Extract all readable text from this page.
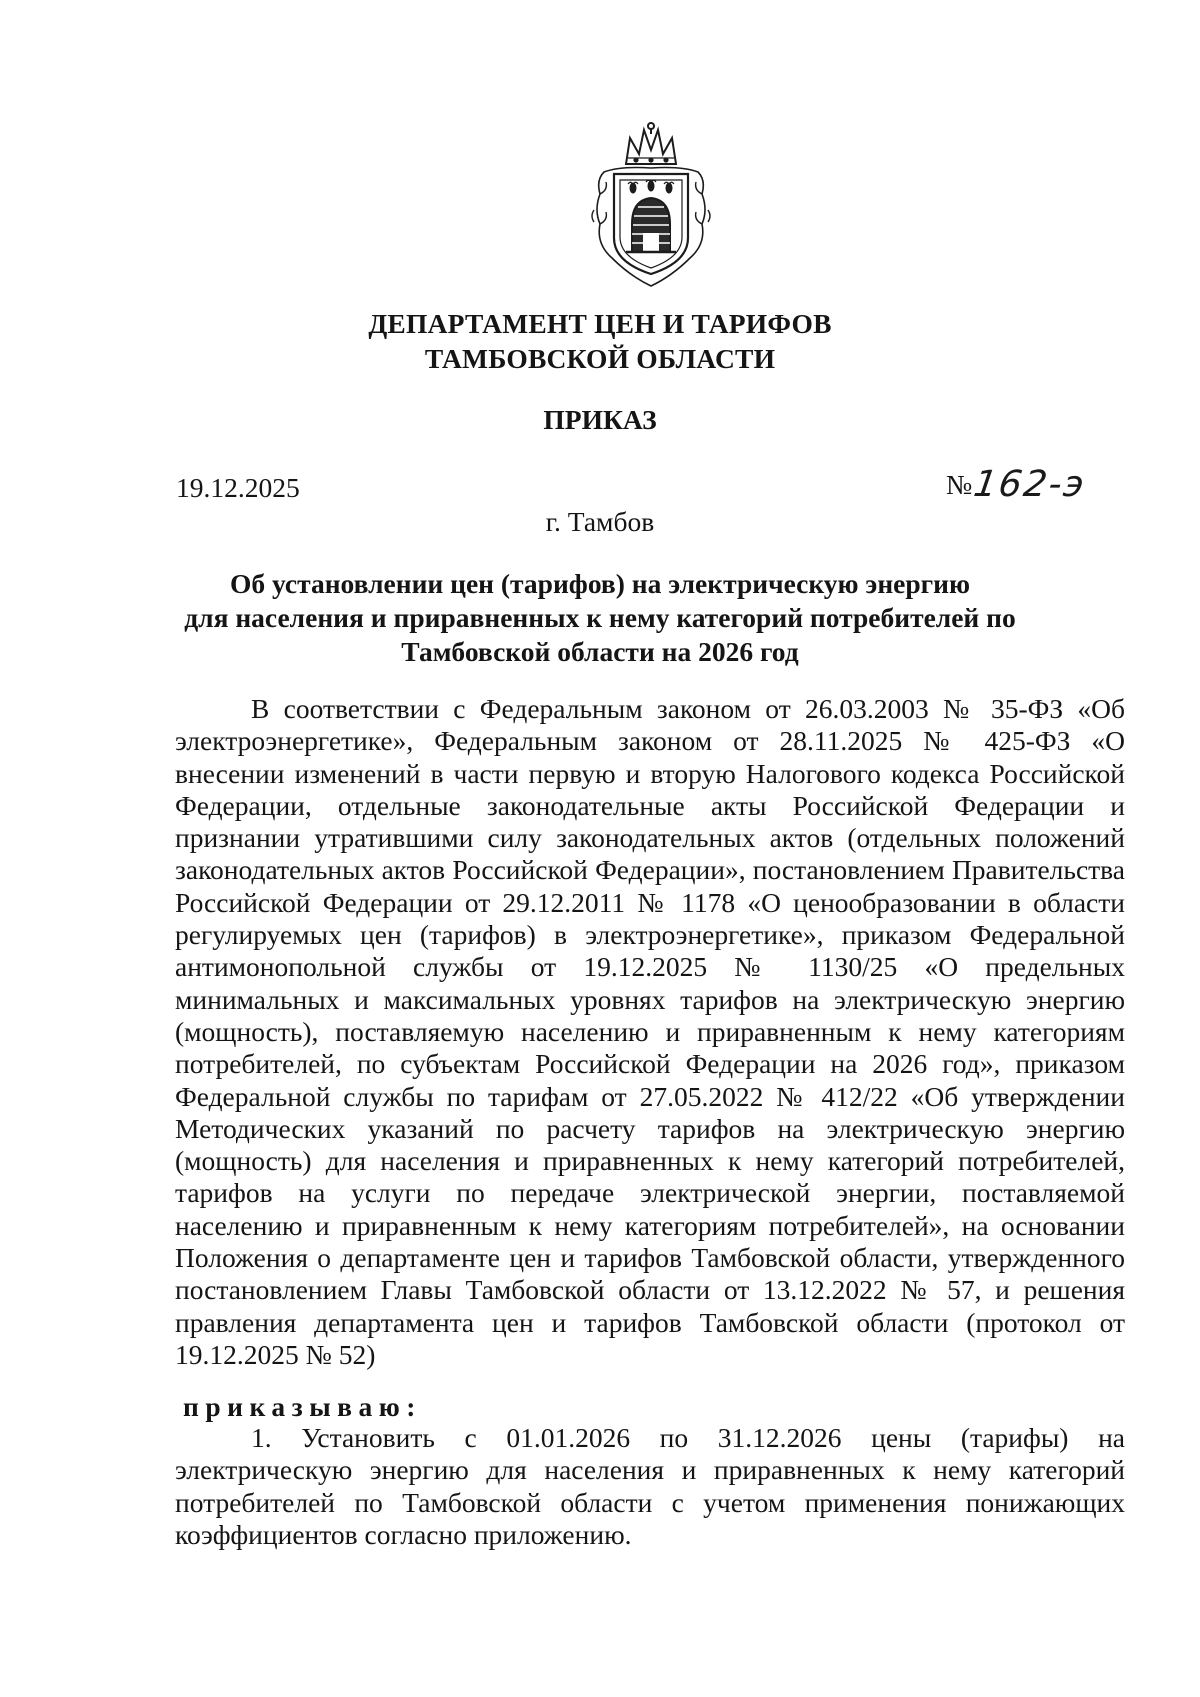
ДЕПАРТАМЕНТ ЦЕН И ТАРИФОВ
ТАМБОВСКОЙ ОБЛАСТИ
ПРИКАЗ
19.12.2025	№162-э
г. Тамбов
Об установлении цен (тарифов) на электрическую энергию
для населения и приравненных к нему категорий потребителей по
Тамбовской области на 2026 год
В соответствии с Федеральным законом от 26.03.2003 № 35-ФЗ «Об электроэнергетике», Федеральным законом от 28.11.2025 № 425-ФЗ «О внесении изменений в части первую и вторую Налогового кодекса Российской Федерации, отдельные законодательные акты Российской Федерации и признании утратившими силу законодательных актов (отдельных положений законодательных актов Российской Федерации», постановлением Правительства Российской Федерации от 29.12.2011 № 1178 «О ценообразовании в области регулируемых цен (тарифов) в электроэнергетике», приказом Федеральной антимонопольной службы от 19.12.2025 № 1130/25 «О предельных минимальных и максимальных уровнях тарифов на электрическую энергию (мощность), поставляемую населению и приравненным к нему категориям потребителей, по субъектам Российской Федерации на 2026 год», приказом Федеральной службы по тарифам от 27.05.2022 № 412/22 «Об утверждении Методических указаний по расчету тарифов на электрическую энергию (мощность) для населения и приравненных к нему категорий потребителей, тарифов на услуги по передаче электрической энергии, поставляемой населению и приравненным к нему категориям потребителей», на основании Положения о департаменте цен и тарифов Тамбовской области, утвержденного постановлением Главы Тамбовской области от 13.12.2022 № 57, и решения правления департамента цен и тарифов Тамбовской области (протокол от 19.12.2025 № 52)
приказываю:
1. Установить с 01.01.2026 по 31.12.2026 цены (тарифы) на электрическую энергию для населения и приравненных к нему категорий потребителей по Тамбовской области с учетом применения понижающих коэффициентов согласно приложению.
